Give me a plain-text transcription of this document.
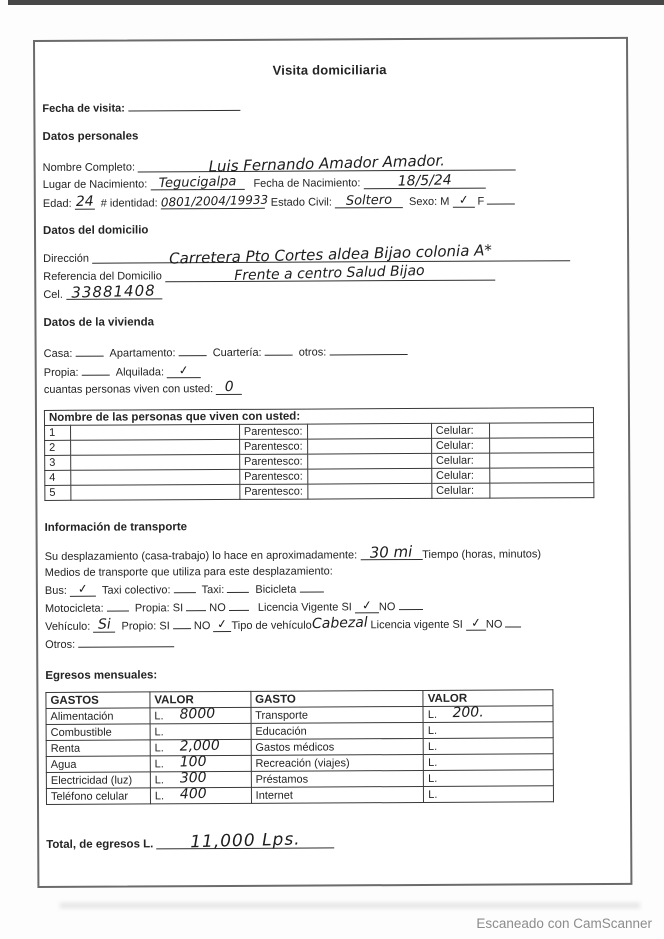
Visita domiciliaria
Fecha de visita:
Datos personales
Nombre Completo:	Luis Fernando Amador Amador.
Lugar de Nacimiento: Tegucigalpa Fecha de Nacimiento:	18/5/24
Edad: 24 # identidad: 0801/2004/19933 Estado Civil: Soltero Sexo: M ✓ F
Datos del domicilio
Dirección	Carretera Pto Cortes aldea Bijao colonia A*
Referencia del Domicilio	Frente a centro Salud Bijao
Cel. 33881408
Datos de la vivienda
Casa:	Apartamento:	Cuartería:	otros:
Propia:	Alquilada: ✓
cuantas personas viven con usted: 0
Nombre de las personas que viven con usted:					
1		Parentesco:		Celular:	
2		Parentesco:		Celular:	
3		Parentesco:		Celular:	
4		Parentesco:		Celular:	
5		Parentesco:		Celular:	
Información de transporte
Su desplazamiento (casa-trabajo) lo hace en aproximadamente: 30 mi Tiempo (horas, minutos)
Medios de transporte que utiliza para este desplazamiento:
Bus: ✓ Taxi colectivo:	Taxi:	Bicicleta
Motocicleta:	Propia: SI NO	Licencia Vigente SI ✓ NO
Vehículo: Si Propio: SI NO ✓ Tipo de vehículoCabezal Licencia vigente SI ✓ NO
Otros:
Egresos mensuales:
GASTOS	VALOR	GASTO	VALOR
Alimentación	L. 8000	Transporte	L. 200.
Combustible	L.	Educación	L.
Renta	L. 2,000	Gastos médicos	L.
Agua	L. 100	Recreación (viajes)	L.
Electricidad (luz)	L. 300	Préstamos	L.
Teléfono celular	L. 400	Internet	L.
Total, de egresos L. 11,000 Lps.
Escaneado con CamScanner
